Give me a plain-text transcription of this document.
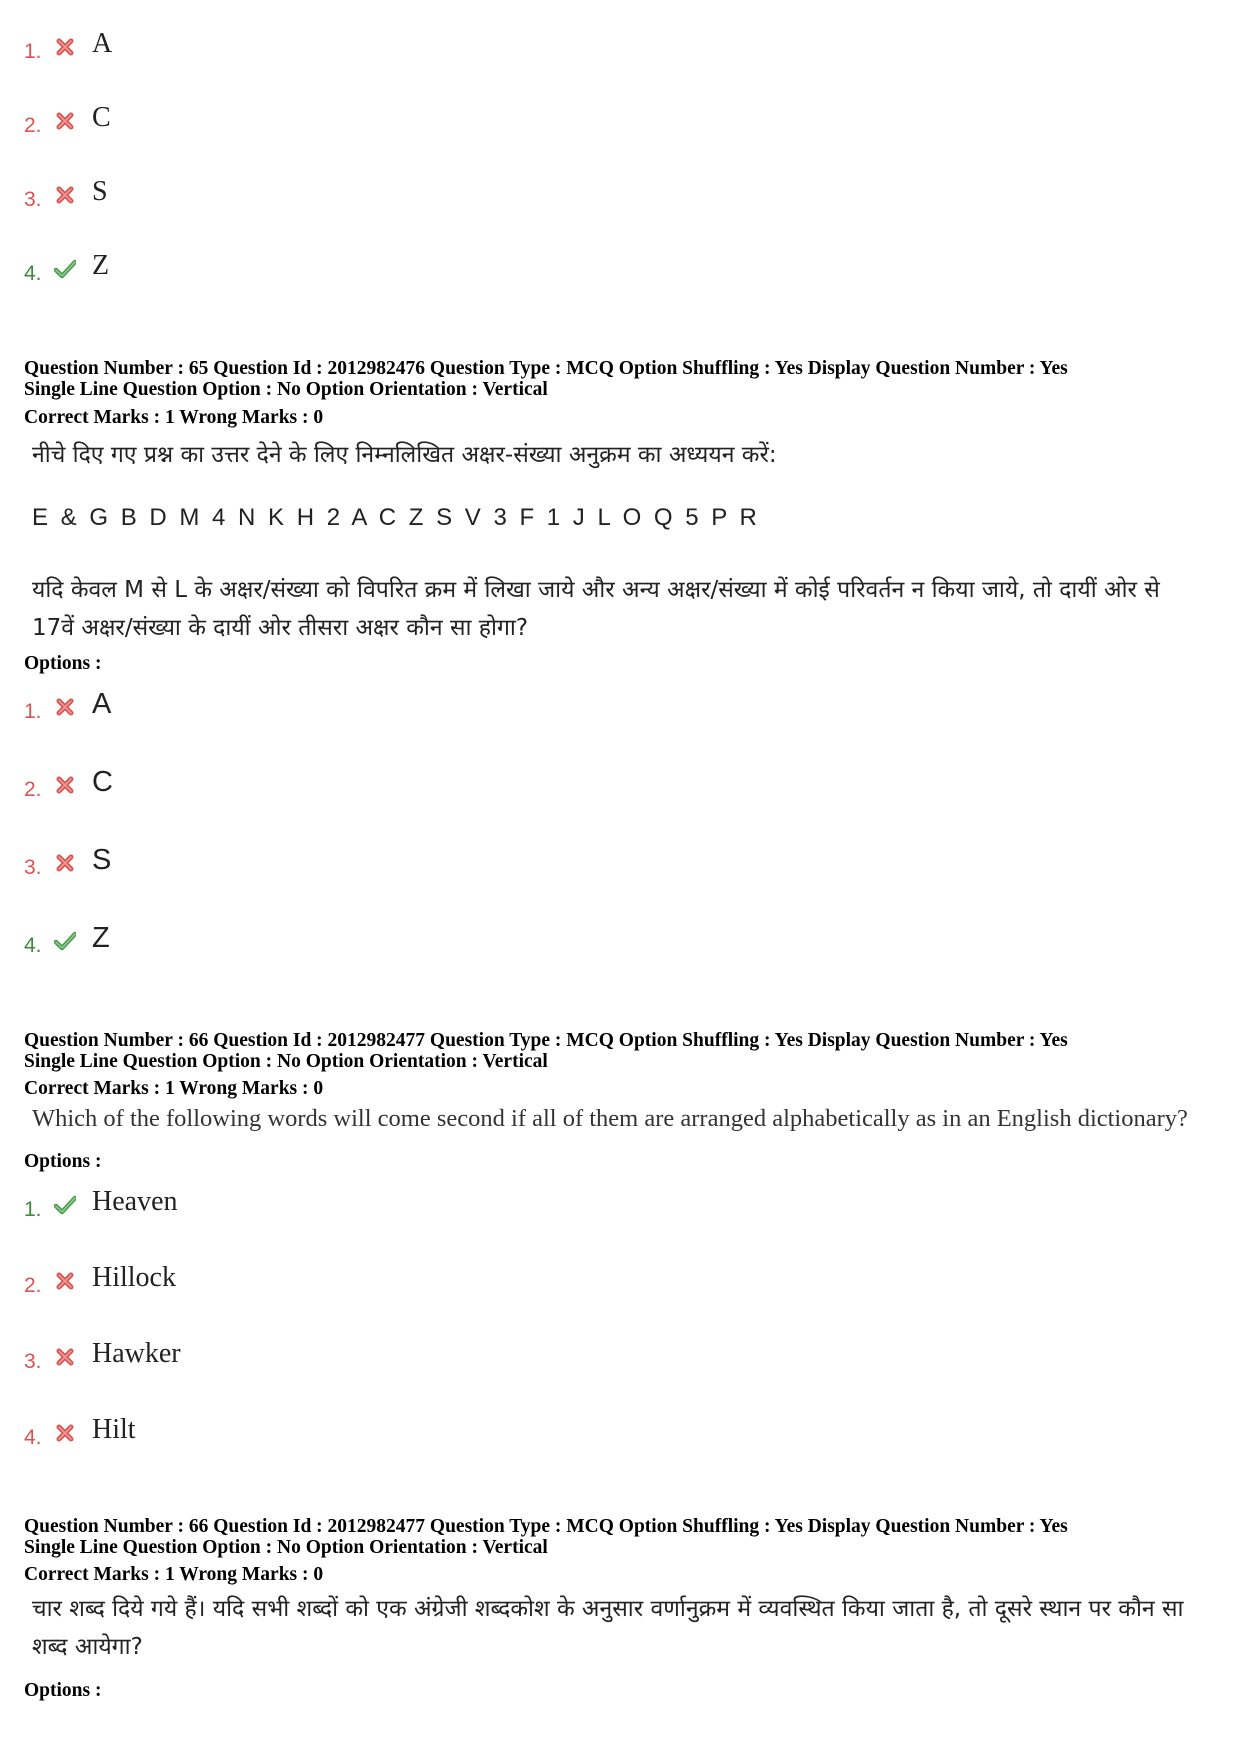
1. A
2. C
3. S
4. Z
Question Number : 65 Question Id : 2012982476 Question Type : MCQ Option Shuffling : Yes Display Question Number : Yes
Single Line Question Option : No Option Orientation : Vertical
Correct Marks : 1 Wrong Marks : 0
नीचे दिए गए प्रश्न का उत्तर देने के लिए निम्नलिखित अक्षर-संख्या अनुक्रम का अध्ययन करें:
E & G B D M 4 N K H 2 A C Z S V 3 F 1 J L O Q 5 P R
यदि केवल M से L के अक्षर/संख्या को विपरित क्रम में लिखा जाये और अन्य अक्षर/संख्या में कोई परिवर्तन न किया जाये, तो दायीं ओर से 17वें अक्षर/संख्या के दायीं ओर तीसरा अक्षर कौन सा होगा?
Options :
1. A
2. C
3. S
4. Z
Question Number : 66 Question Id : 2012982477 Question Type : MCQ Option Shuffling : Yes Display Question Number : Yes
Single Line Question Option : No Option Orientation : Vertical
Correct Marks : 1 Wrong Marks : 0
Which of the following words will come second if all of them are arranged alphabetically as in an English dictionary?
Options :
1. Heaven
2. Hillock
3. Hawker
4. Hilt
Question Number : 66 Question Id : 2012982477 Question Type : MCQ Option Shuffling : Yes Display Question Number : Yes
Single Line Question Option : No Option Orientation : Vertical
Correct Marks : 1 Wrong Marks : 0
चार शब्द दिये गये हैं। यदि सभी शब्दों को एक अंग्रेजी शब्दकोश के अनुसार वर्णानुक्रम में व्यवस्थित किया जाता है, तो दूसरे स्थान पर कौन सा शब्द आयेगा?
Options :
